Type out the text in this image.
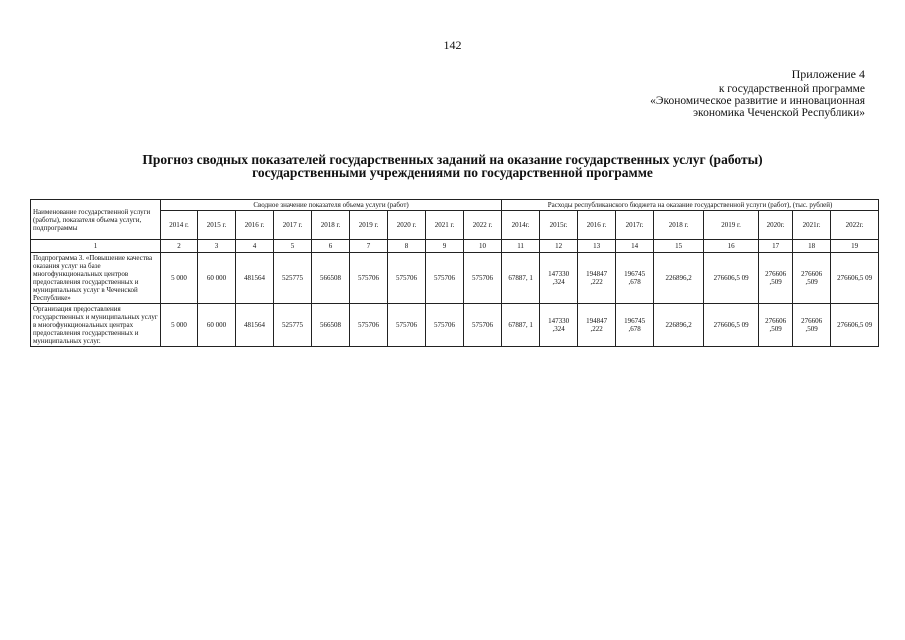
142
Приложение 4
к государственной программе
«Экономическое развитие и инновационная
экономика Чеченской Республики»
Прогноз сводных показателей государственных заданий на оказание государственных услуг (работы)
государственными учреждениями по государственной программе
Наименование государственной услуги (работы), показателя объема услуги, подпрограммы	Сводное значение показателя объема услуги (работ)									Расходы республиканского бюджета на оказание государственной услуги (работ), (тыс. рублей)								
	2014 г.	2015 г.	2016 г.	2017 г.	2018 г.	2019 г.	2020 г.	2021 г.	2022 г.	2014г.	2015г.	2016 г.	2017г.	2018 г.	2019 г.	2020г.	2021г.	2022г.
1	2	3	4	5	6	7	8	9	10	11	12	13	14	15	16	17	18	19
Подпрограмма 3. «Повышение качества оказания услуг на базе многофункциональных центров предоставления государственных и муниципальных услуг в Чеченской Республике»	5 000	60 000	481564	525775	566508	575706	575706	575706	575706	67887, 1	147330 ,324	194847 ,222	196745 ,678	226896,2	276606,5 09	276606 ,509	276606 ,509	276606,5 09
Организация предоставления государственных и муниципальных услуг в многофункциональных центрах предоставления государственных и муниципальных услуг.	5 000	60 000	481564	525775	566508	575706	575706	575706	575706	67887, 1	147330 ,324	194847 ,222	196745 ,678	226896,2	276606,5 09	276606 ,509	276606 ,509	276606,5 09
